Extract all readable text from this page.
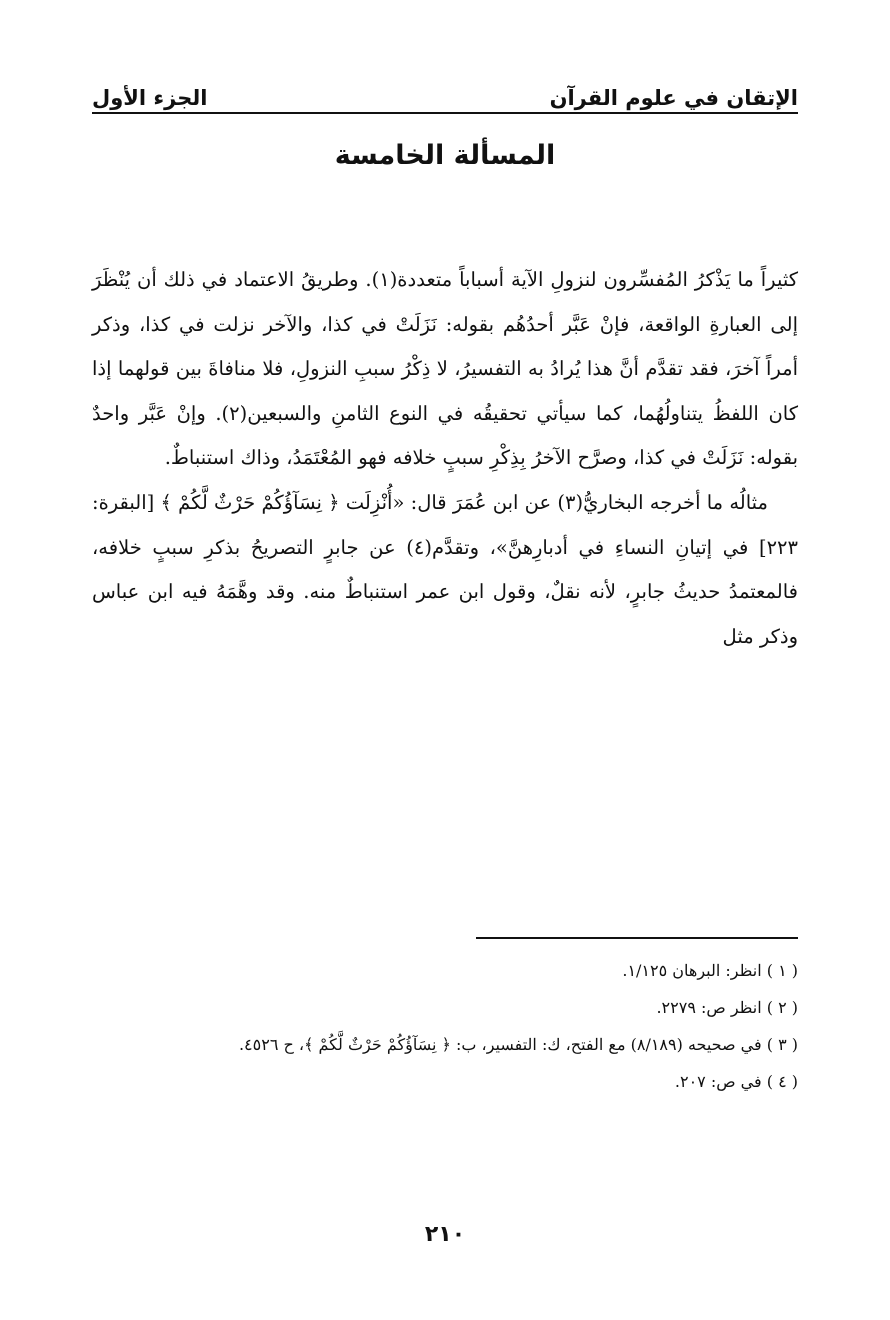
الإتقان في علوم القرآن
الجزء الأول
المسألة الخامسة

كثيراً ما يَذْكرُ المُفسِّرون لنزولِ الآية أسباباً متعددة(١). وطريقُ الاعتماد في ذلك أن يُنْظَرَ إلى العبارةِ الواقعة، فإنْ عَبَّر أحدُهُم بقوله: نَزَلَتْ في كذا، والآخر نزلت في كذا، وذكر أمراً آخرَ، فقد تقدَّم أنَّ هذا يُرادُ به التفسيرُ، لا ذِكْرُ سببِ النزولِ، فلا منافاةَ بين قولهما إذا كان اللفظُ يتناولُهُما، كما سيأتي تحقيقُه في النوع الثامنِ والسبعين(٢). وإنْ عَبَّر واحدٌ بقوله: نَزَلَتْ في كذا، وصرَّح الآخرُ بِذِكْرِ سببٍ خلافه فهو المُعْتَمَدُ، وذاك استنباطٌ.

مثالُه ما أخرجه البخاريُّ(٣) عن ابن عُمَرَ قال: «أُنْزِلَت ﴿ نِسَآؤُكُمْ حَرْثٌ لَّكُمْ ﴾ [البقرة: ٢٢٣] في إتيانِ النساءِ في أدبارِهنَّ»، وتقدَّم(٤) عن جابرٍ التصريحُ بذكرِ سببٍ خلافه، فالمعتمدُ حديثُ جابرٍ، لأنه نقلٌ، وقول ابن عمر استنباطٌ منه. وقد وهَّمَهُ فيه ابن عباس وذكر مثل

( ١ ) انظر: البرهان ١/١٢٥.

( ٢ ) انظر ص: ٢٢٧٩.

( ٣ ) في صحيحه (٨/١٨٩) مع الفتح، ك: التفسير، ب: ﴿ نِسَآؤُكُمْ حَرْثٌ لَّكُمْ ﴾، ح ٤٥٢٦.

( ٤ ) في ص: ٢٠٧.

٢١٠
